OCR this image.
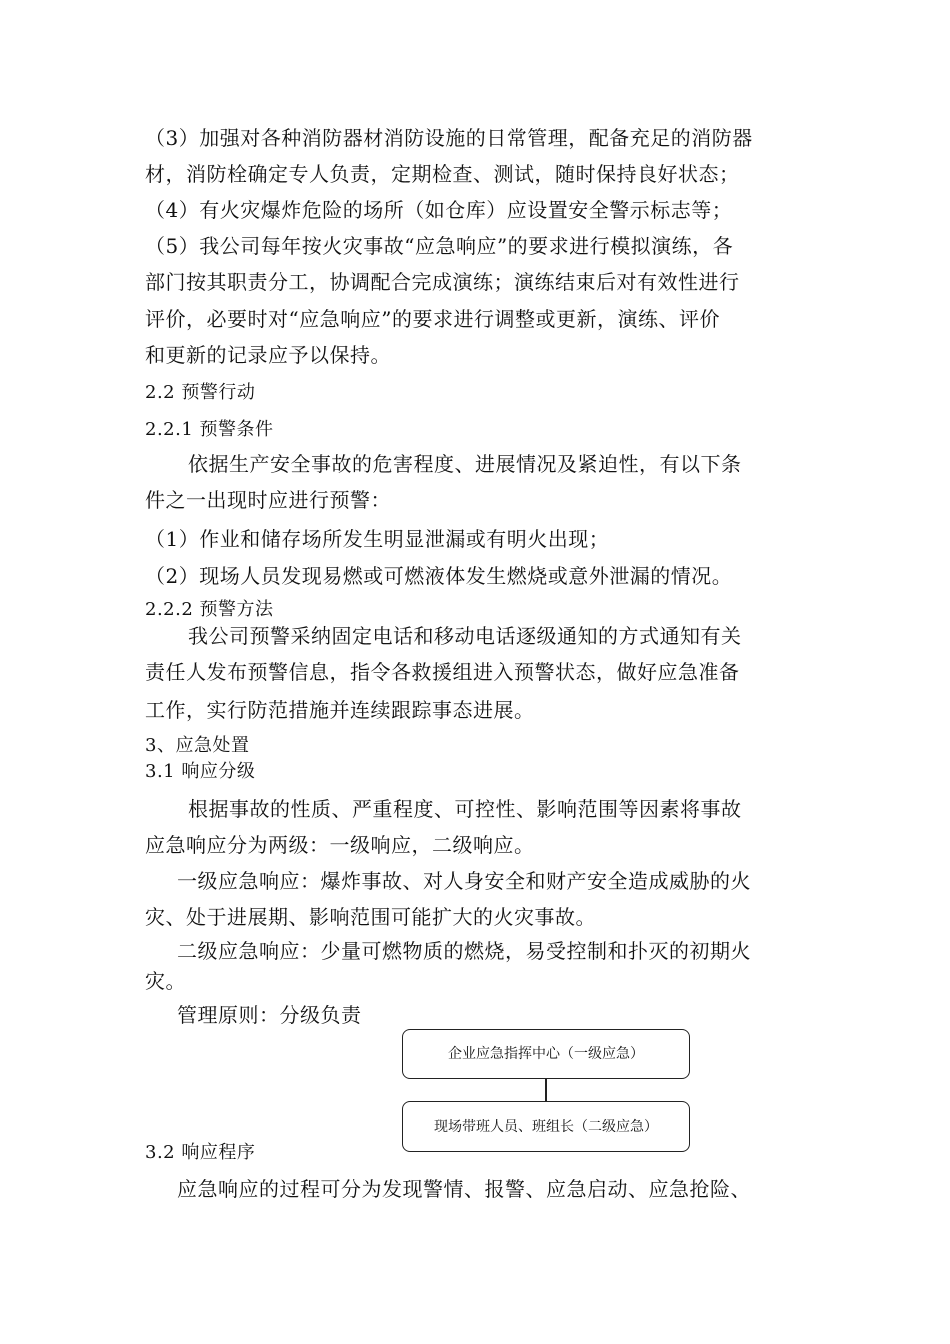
（3）加强对各种消防器材消防设施的日常管理，配备充足的消防器
材，消防栓确定专人负责，定期检查、测试，随时保持良好状态；
（4）有火灾爆炸危险的场所（如仓库）应设置安全警示标志等；
（5）我公司每年按火灾事故“应急响应”的要求进行模拟演练，各
部门按其职责分工，协调配合完成演练；演练结束后对有效性进行
评价，必要时对“应急响应”的要求进行调整或更新，演练、评价
和更新的记录应予以保持。
2.2 预警行动
2.2.1 预警条件
依据生产安全事故的危害程度、进展情况及紧迫性，有以下条
件之一出现时应进行预警：
（1）作业和储存场所发生明显泄漏或有明火出现；
（2）现场人员发现易燃或可燃液体发生燃烧或意外泄漏的情况。
2.2.2 预警方法
我公司预警采纳固定电话和移动电话逐级通知的方式通知有关
责任人发布预警信息，指令各救援组进入预警状态，做好应急准备
工作，实行防范措施并连续跟踪事态进展。
3、应急处置
3.1 响应分级
根据事故的性质、严重程度、可控性、影响范围等因素将事故
应急响应分为两级：一级响应，二级响应。
一级应急响应：爆炸事故、对人身安全和财产安全造成威胁的火
灾、处于进展期、影响范围可能扩大的火灾事故。
二级应急响应：少量可燃物质的燃烧，易受控制和扑灭的初期火
灾。
管理原则：分级负责
企业应急指挥中心（一级应急）
现场带班人员、班组长（二级应急）
3.2 响应程序
应急响应的过程可分为发现警情、报警、应急启动、应急抢险、
